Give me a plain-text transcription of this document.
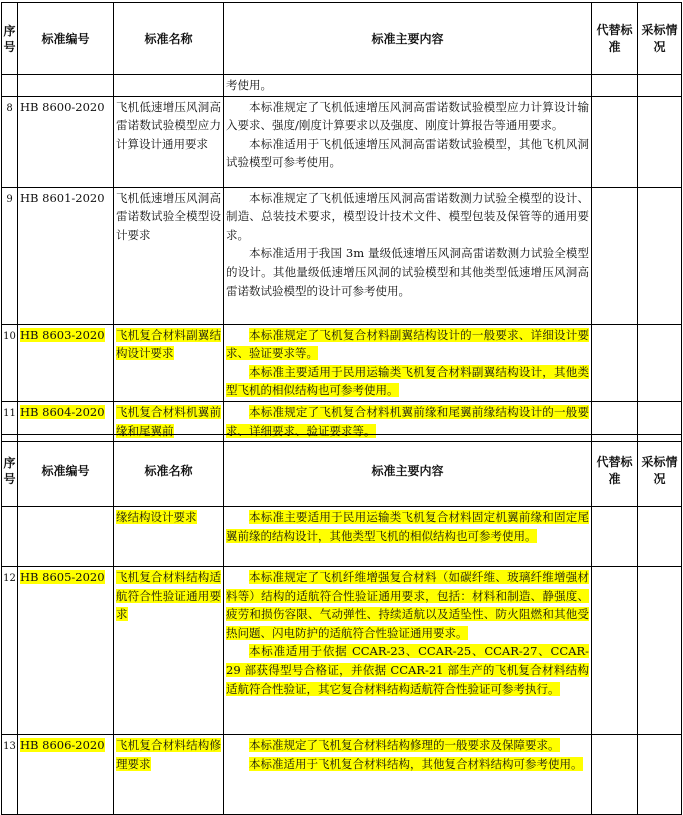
序号	标准编号	标准名称	标准主要内容	代替标准	采标情况

			考使用。		

8	HB 8600-2020	飞机低速增压风洞高雷诺数试验模型应力计算设计通用要求	本标准规定了飞机低速增压风洞高雷诺数试验模型应力计算设计输入要求、强度/刚度计算要求以及强度、刚度计算报告等通用要求。

本标准适用于飞机低速增压风洞高雷诺数试验模型，其他飞机风洞试验模型可参考使用。		

9	HB 8601-2020	飞机低速增压风洞高雷诺数试验全模型设计要求	本标准规定了飞机低速增压风洞高雷诺数测力试验全模型的设计、制造、总装技术要求，模型设计技术文件、模型包装及保管等的通用要求。

本标准适用于我国 3m 量级低速增压风洞高雷诺数测力试验全模型的设计。其他量级低速增压风洞的试验模型和其他类型低速增压风洞高雷诺数试验模型的设计可参考使用。		

10	HB 8603-2020	飞机复合材料副翼结构设计要求	本标准规定了飞机复合材料副翼结构设计的一般要求、详细设计要求、验证要求等。

本标准主要适用于民用运输类飞机复合材料副翼结构设计，其他类型飞机的相似结构也可参考使用。		

11	HB 8604-2020	飞机复合材料机翼前缘和尾翼前	本标准规定了飞机复合材料机翼前缘和尾翼前缘结构设计的一般要求、详细要求、验证要求等。		

序号	标准编号	标准名称	标准主要内容	代替标准	采标情况
		缘结构设计要求	本标准主要适用于民用运输类飞机复合材料固定机翼前缘和固定尾翼前缘的结构设计，其他类型飞机的相似结构也可参考使用。		

12	HB 8605-2020	飞机复合材料结构适航符合性验证通用要求	本标准规定了飞机纤维增强复合材料（如碳纤维、玻璃纤维增强材料等）结构的适航符合性验证通用要求，包括：材料和制造、静强度、疲劳和损伤容限、气动弹性、持续适航以及适坠性、防火阻燃和其他受热问题、闪电防护的适航符合性验证通用要求。

本标准适用于依据 CCAR-23、CCAR-25、CCAR-27、CCAR-29 部获得型号合格证，并依据 CCAR-21 部生产的飞机复合材料结构适航符合性验证，其它复合材料结构适航符合性验证可参考执行。		

13	HB 8606-2020	飞机复合材料结构修理要求	本标准规定了飞机复合材料结构修理的一般要求及保障要求。

本标准适用于飞机复合材料结构，其他复合材料结构可参考使用。		
